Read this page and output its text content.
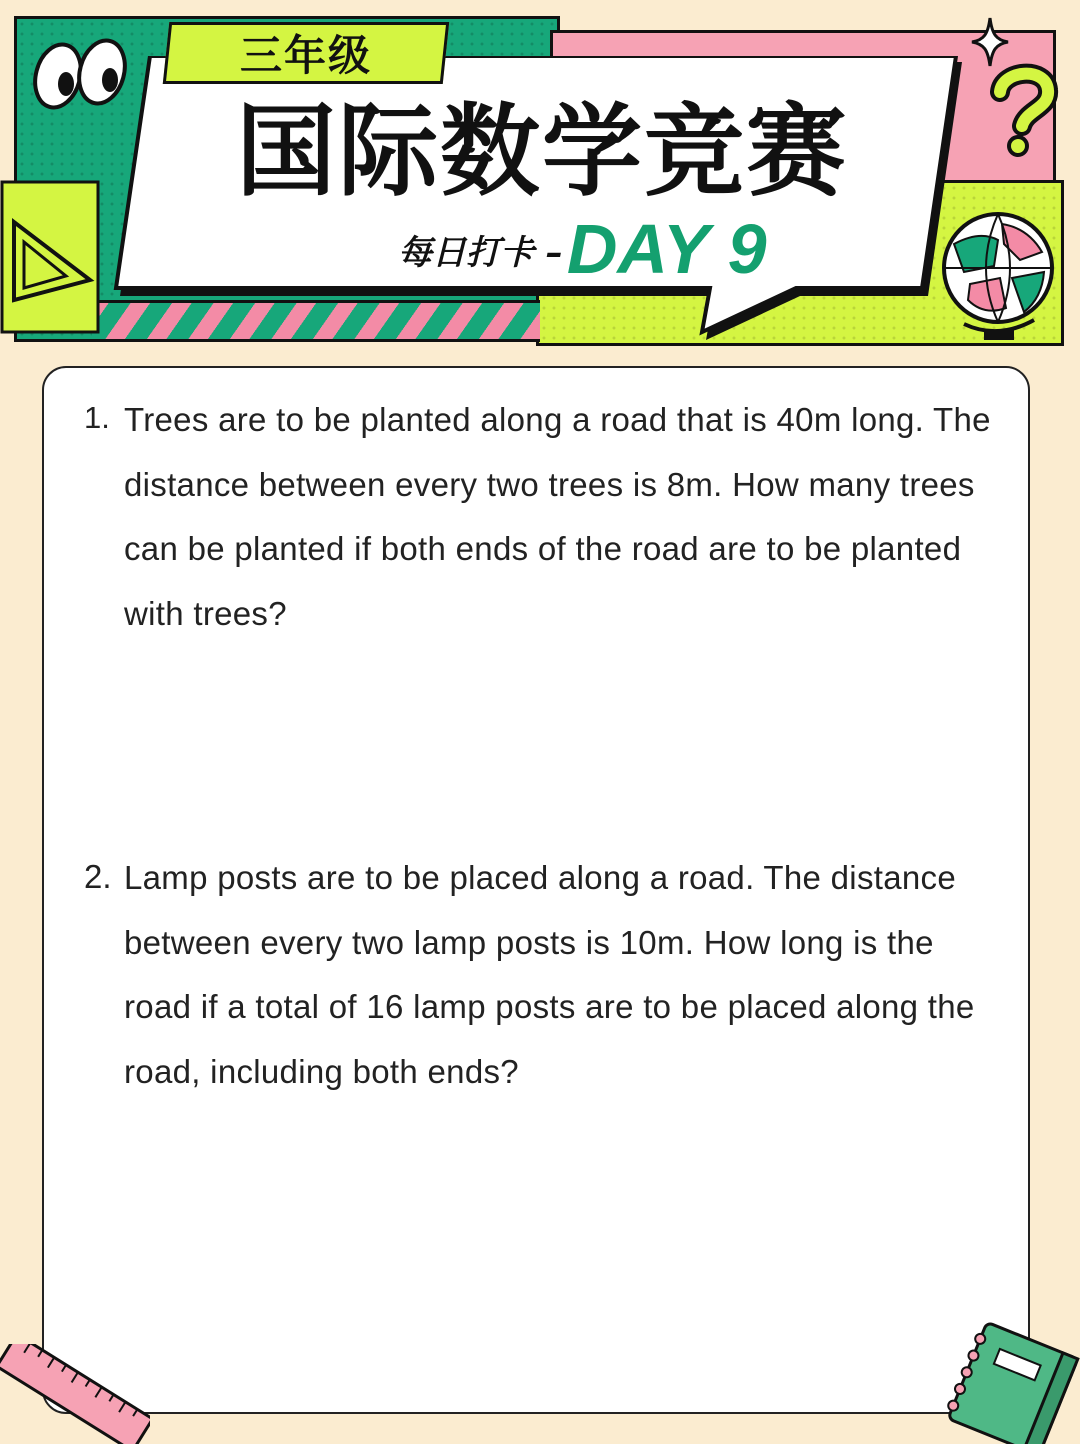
三年级
国际数学竞赛
每日打卡 – DAY 9
1. Trees are to be planted along a road that is 40m long. The distance between every two trees is 8m. How many trees can be planted if both ends of the road are to be planted with trees?
2. Lamp posts are to be placed along a road. The distance between every two lamp posts is 10m. How long is the road if a total of 16 lamp posts are to be placed along the road, including both ends?
